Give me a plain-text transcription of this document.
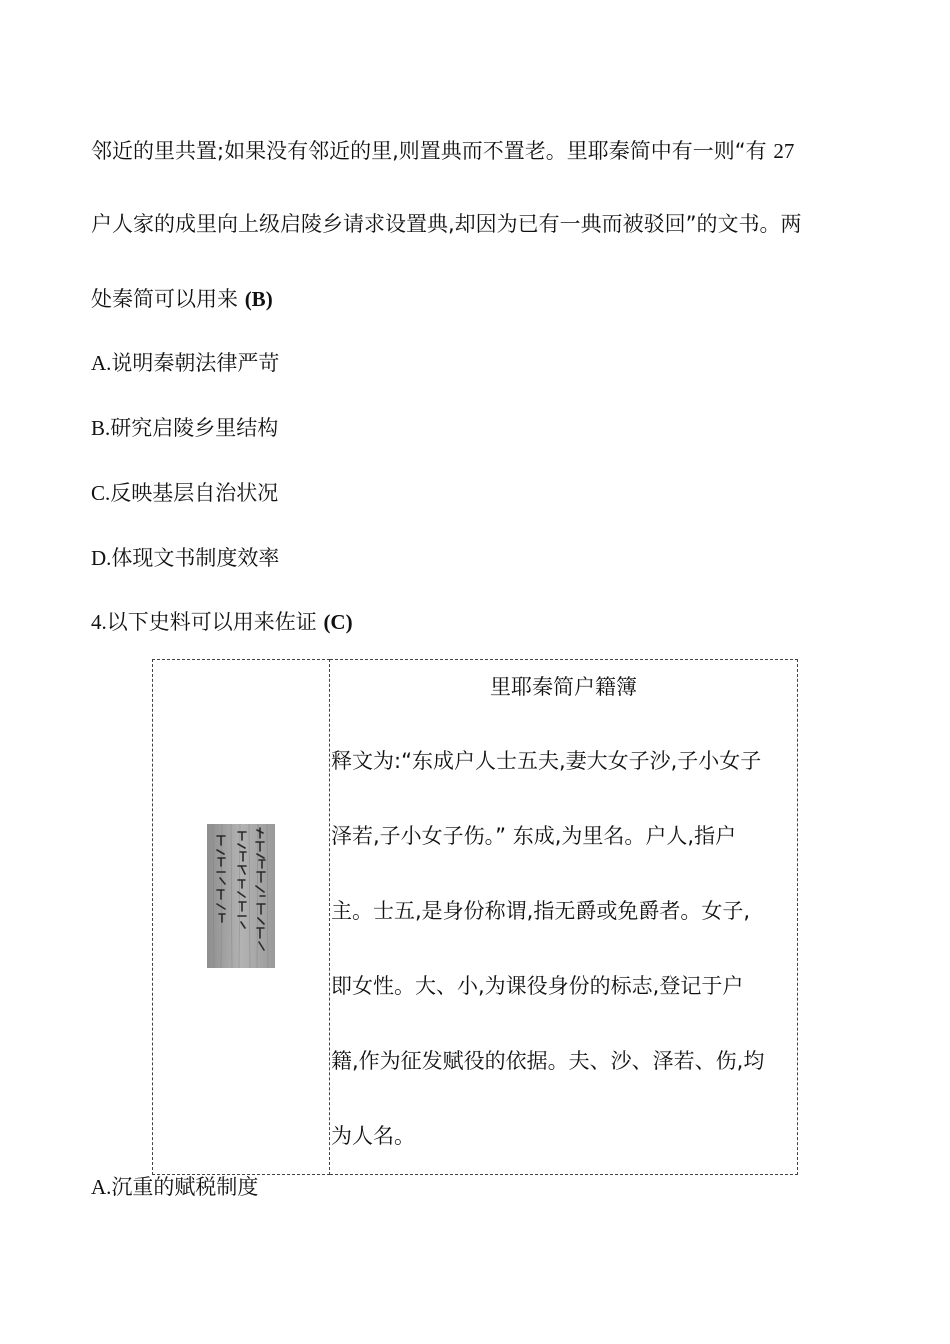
邻近的里共置;如果没有邻近的里,则置典而不置老。里耶秦简中有一则“有 27
户人家的成里向上级启陵乡请求设置典,却因为已有一典而被驳回”的文书。两
处秦简可以用来 (B)
A.说明秦朝法律严苛
B.研究启陵乡里结构
C.反映基层自治状况
D.体现文书制度效率
4.以下史料可以用来佐证 (C)

里耶秦简户籍簿
释文为:“东成户人士五夫,妻大女子沙,子小女子
泽若,子小女子伤。” 东成,为里名。户人,指户
主。士五,是身份称谓,指无爵或免爵者。女子,
即女性。大、小,为课役身份的标志,登记于户
籍,作为征发赋役的依据。夫、沙、泽若、伤,均
为人名。
A.沉重的赋税制度
